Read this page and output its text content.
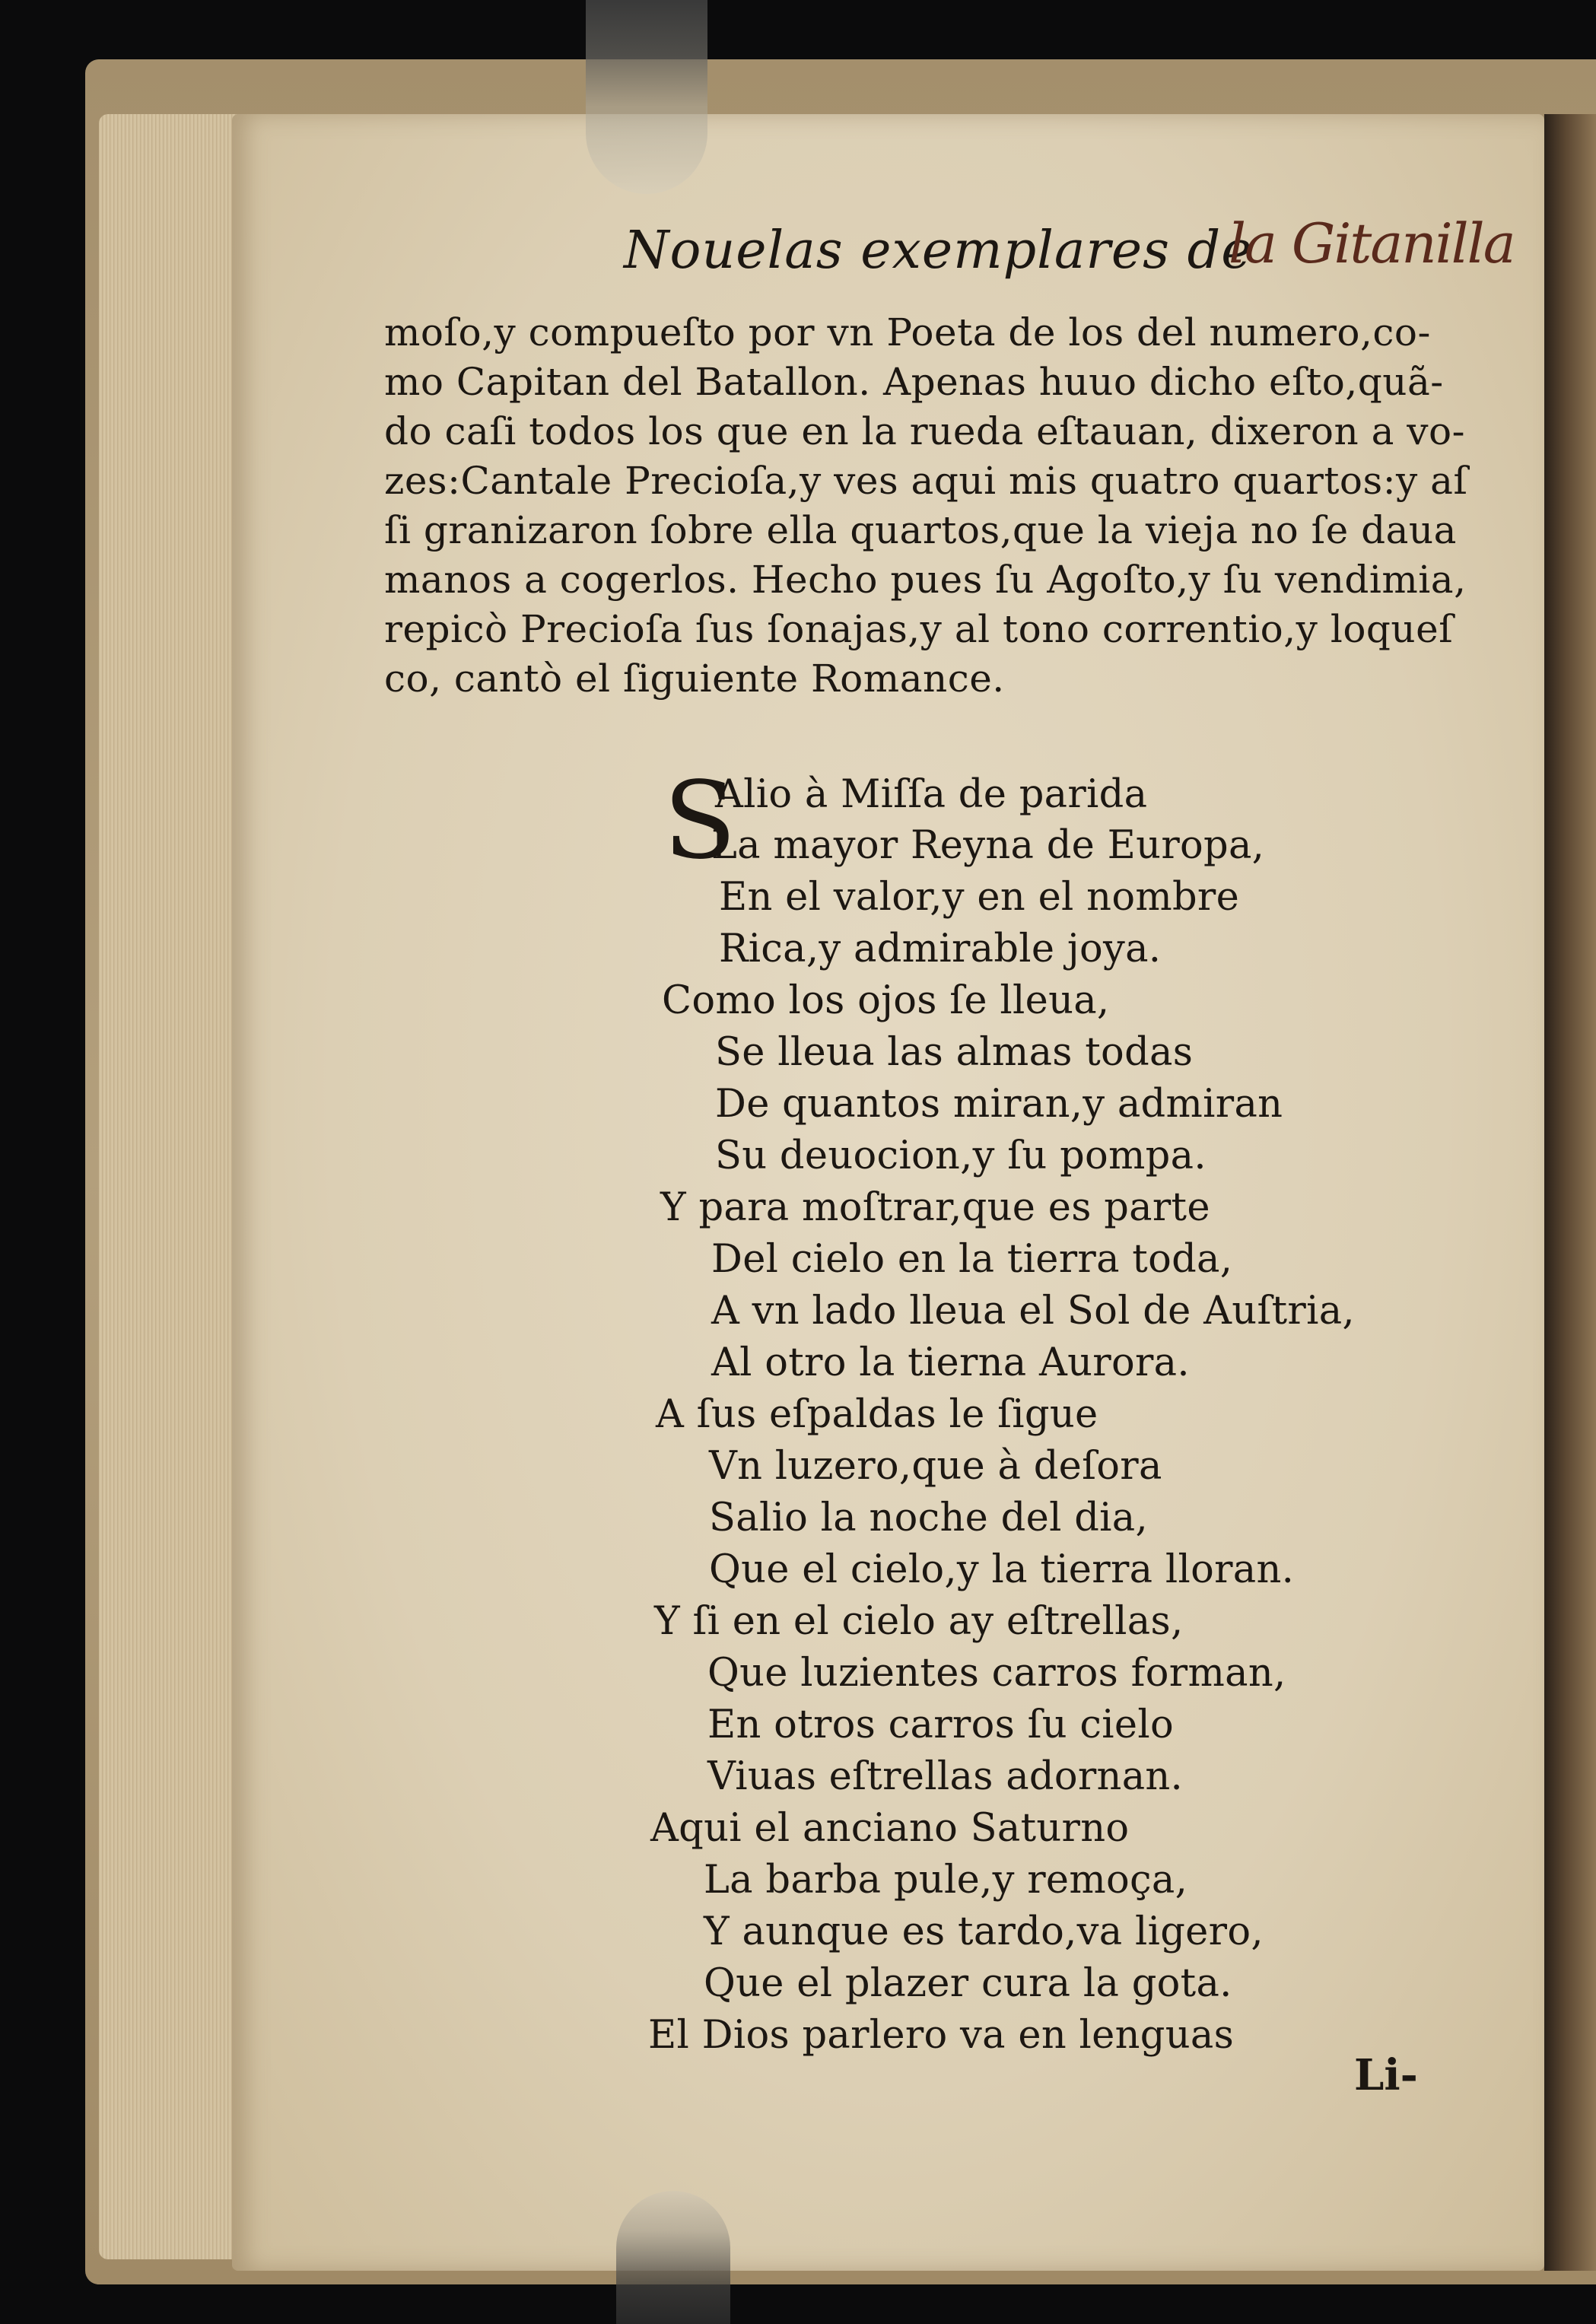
Nouelas exemplares de
la Gitanilla
moſo,y compueſto por vn Poeta de los del numero,co-
mo Capitan del Batallon. Apenas huuo dicho eſto,quã-
do caſi todos los que en la rueda eſtauan, dixeron a vo-
zes:Cantale Precioſa,y ves aqui mis quatro quartos:y aſ
ſi granizaron ſobre ella quartos,que la vieja no ſe daua
manos a cogerlos. Hecho pues ſu Agoſto,y ſu vendimia,
repicò Precioſa ſus ſonajas,y al tono correntio,y loqueſ
co, cantò el ſiguiente Romance.
S
Alio à Miſſa de parida
La mayor Reyna de Europa,
En el valor,y en el nombre
Rica,y admirable joya.
Como los ojos ſe lleua,
Se lleua las almas todas
De quantos miran,y admiran
Su deuocion,y ſu pompa.
Y para moſtrar,que es parte
Del cielo en la tierra toda,
A vn lado lleua el Sol de Auſtria,
Al otro la tierna Aurora.
A ſus eſpaldas le ſigue
Vn luzero,que à deſora
Salio la noche del dia,
Que el cielo,y la tierra lloran.
Y ſi en el cielo ay eſtrellas,
Que luzientes carros forman,
En otros carros ſu cielo
Viuas eſtrellas adornan.
Aqui el anciano Saturno
La barba pule,y remoça,
Y aunque es tardo,va ligero,
Que el plazer cura la gota.
El Dios parlero va en lenguas
Li-
